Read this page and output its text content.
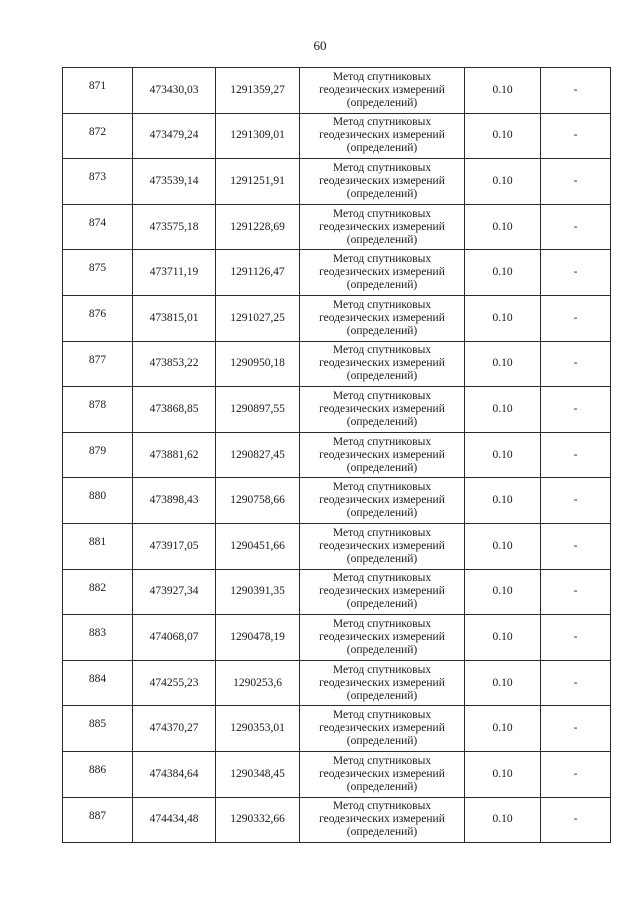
60
871	473430,03	1291359,27	Метод спутниковых
геодезических измерений
(определений)	0.10	-
872	473479,24	1291309,01	Метод спутниковых
геодезических измерений
(определений)	0.10	-
873	473539,14	1291251,91	Метод спутниковых
геодезических измерений
(определений)	0.10	-
874	473575,18	1291228,69	Метод спутниковых
геодезических измерений
(определений)	0.10	-
875	473711,19	1291126,47	Метод спутниковых
геодезических измерений
(определений)	0.10	-
876	473815,01	1291027,25	Метод спутниковых
геодезических измерений
(определений)	0.10	-
877	473853,22	1290950,18	Метод спутниковых
геодезических измерений
(определений)	0.10	-
878	473868,85	1290897,55	Метод спутниковых
геодезических измерений
(определений)	0.10	-
879	473881,62	1290827,45	Метод спутниковых
геодезических измерений
(определений)	0.10	-
880	473898,43	1290758,66	Метод спутниковых
геодезических измерений
(определений)	0.10	-
881	473917,05	1290451,66	Метод спутниковых
геодезических измерений
(определений)	0.10	-
882	473927,34	1290391,35	Метод спутниковых
геодезических измерений
(определений)	0.10	-
883	474068,07	1290478,19	Метод спутниковых
геодезических измерений
(определений)	0.10	-
884	474255,23	1290253,6	Метод спутниковых
геодезических измерений
(определений)	0.10	-
885	474370,27	1290353,01	Метод спутниковых
геодезических измерений
(определений)	0.10	-
886	474384,64	1290348,45	Метод спутниковых
геодезических измерений
(определений)	0.10	-
887	474434,48	1290332,66	Метод спутниковых
геодезических измерений
(определений)	0.10	-
